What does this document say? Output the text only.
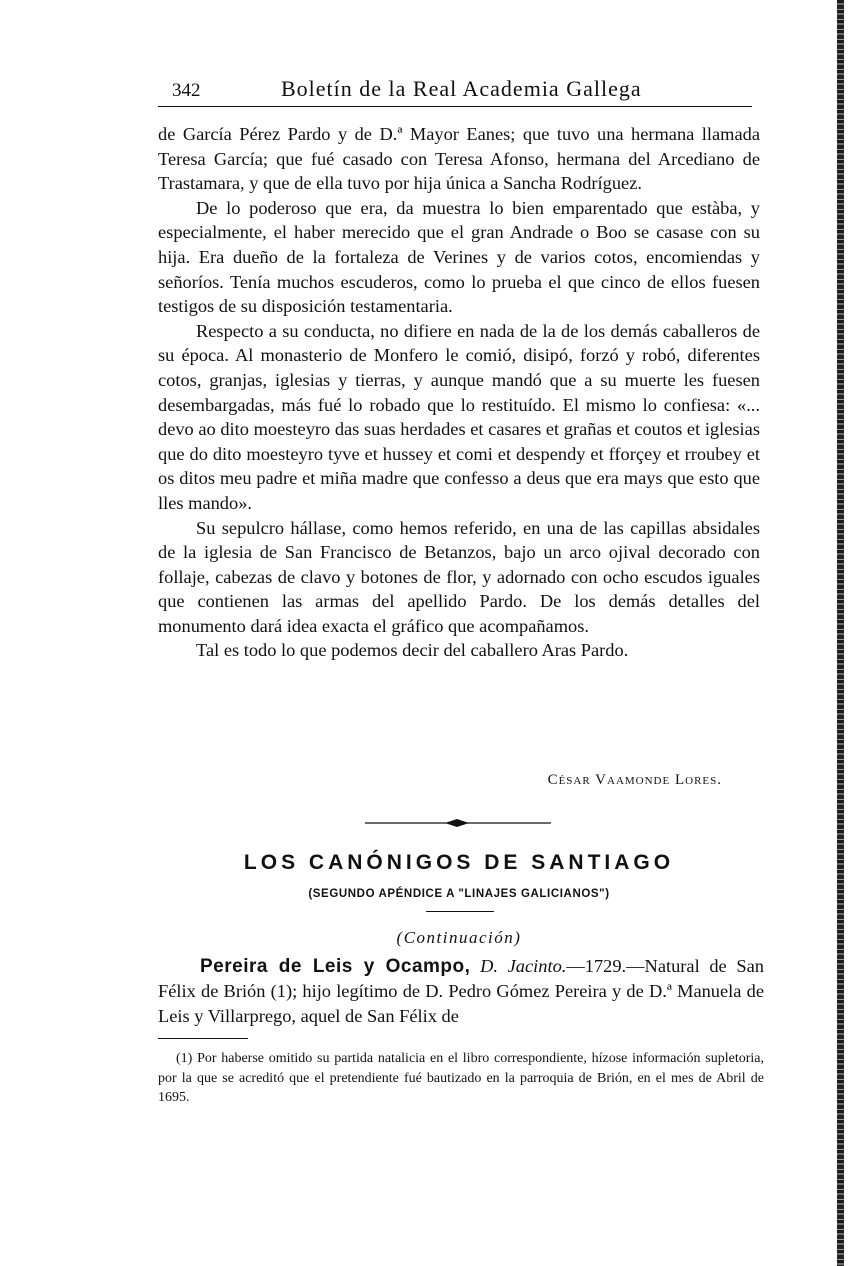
342	Boletín de la Real Academia Gallega

de García Pérez Pardo y de D.ª Mayor Eanes; que tuvo una hermana llamada Teresa García; que fué casado con Teresa Afonso, hermana del Arcediano de Trastamara, y que de ella tuvo por hija única a Sancha Rodríguez.

De lo poderoso que era, da muestra lo bien emparentado que estàba, y especialmente, el haber merecido que el gran Andrade o Boo se casase con su hija. Era dueño de la fortaleza de Verines y de varios cotos, encomiendas y señoríos. Tenía muchos escuderos, como lo prueba el que cinco de ellos fuesen testigos de su disposición testamentaria.

Respecto a su conducta, no difiere en nada de la de los demás caballeros de su época. Al monasterio de Monfero le comió, disipó, forzó y robó, diferentes cotos, granjas, iglesias y tierras, y aunque mandó que a su muerte les fuesen desembargadas, más fué lo robado que lo restituído. El mismo lo confiesa: «... devo ao dito moesteyro das suas herdades et casares et grañas et coutos et iglesias que do dito moesteyro tyve et hussey et comi et despendy et fforçey et rroubey et os ditos meu padre et miña madre que confesso a deus que era mays que esto que lles mando».

Su sepulcro hállase, como hemos referido, en una de las capillas absidales de la iglesia de San Francisco de Betanzos, bajo un arco ojival decorado con follaje, cabezas de clavo y botones de flor, y adornado con ocho escudos iguales que contienen las armas del apellido Pardo. De los demás detalles del monumento dará idea exacta el gráfico que acompañamos.

Tal es todo lo que podemos decir del caballero Aras Pardo.

César Vaamonde Lores.
LOS CANÓNIGOS DE SANTIAGO
(SEGUNDO APÉNDICE A "LINAJES GALICIANOS")
(Continuación)
Pereira de Leis y Ocampo, D. Jacinto.—1729.—Natural de San Félix de Brión (1); hijo legítimo de D. Pedro Gómez Pereira y de D.ª Manuela de Leis y Villarprego, aquel de San Félix de
(1) Por haberse omitido su partida natalicia en el libro correspondiente, hízose información supletoria, por la que se acreditó que el pretendiente fué bautizado en la parroquia de Brión, en el mes de Abril de 1695.
